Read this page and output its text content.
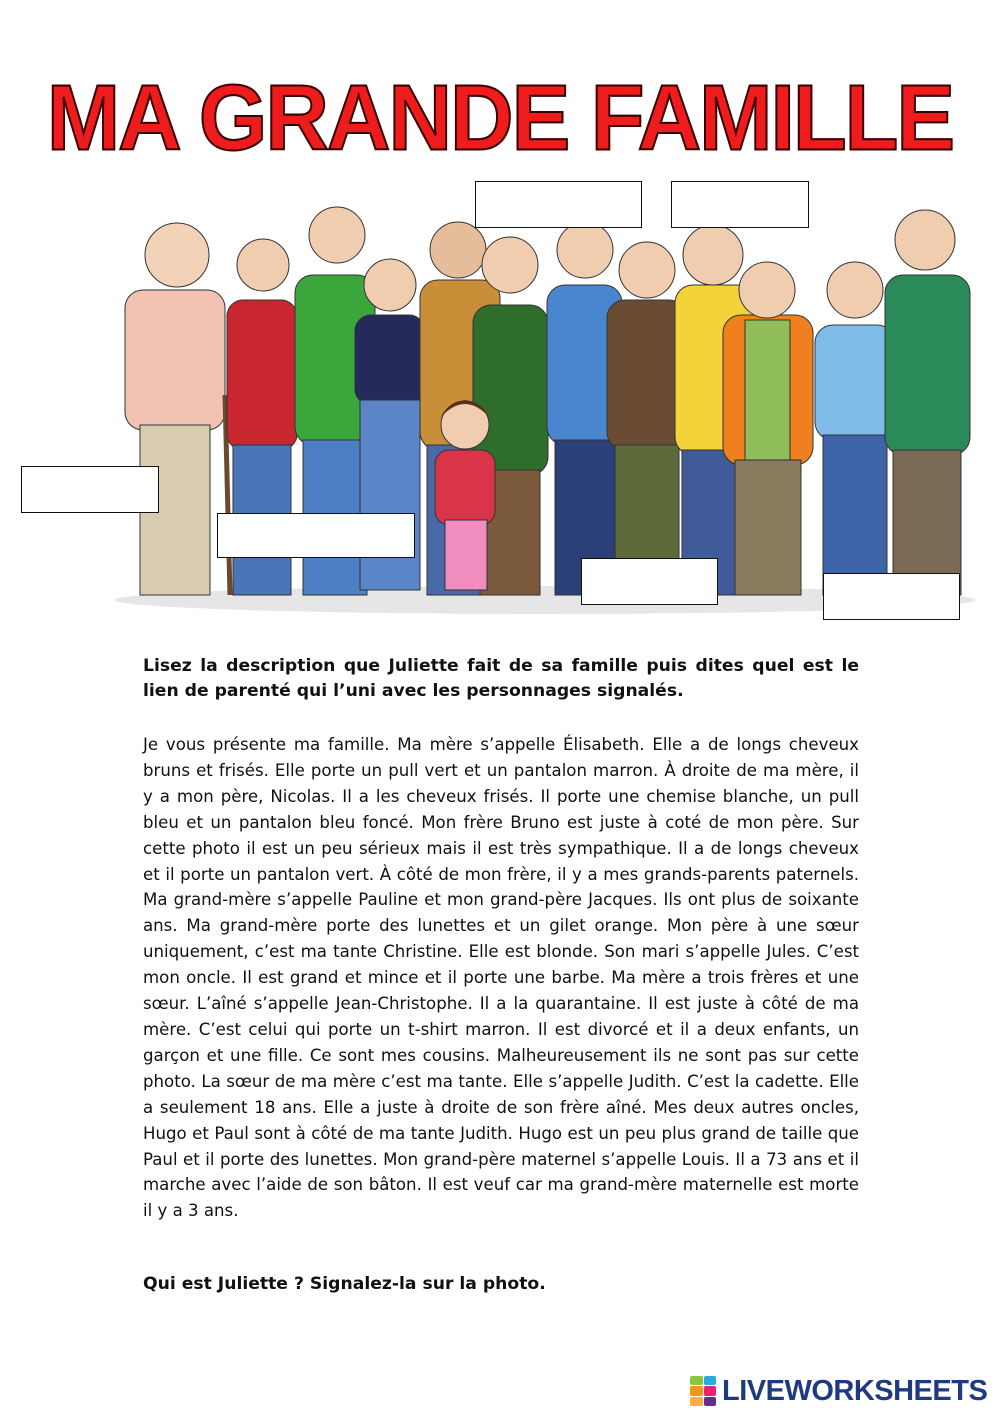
MA GRANDE FAMILLE

Lisez la description que Juliette fait de sa famille puis dites quel est le lien de parenté qui l’uni avec les personnages signalés.

Je vous présente ma famille. Ma mère s’appelle Élisabeth. Elle a de longs cheveux bruns et frisés. Elle porte un pull vert et un pantalon marron. À droite de ma mère, il y a mon père, Nicolas. Il a les cheveux frisés. Il porte une chemise blanche, un pull bleu et un pantalon bleu foncé. Mon frère Bruno est juste à coté de mon père. Sur cette photo il est un peu sérieux mais il est très sympathique. Il a de longs cheveux et il porte un pantalon vert. À côté de mon frère, il y a mes grands-parents paternels. Ma grand-mère s’appelle Pauline et mon grand-père Jacques. Ils ont plus de soixante ans. Ma grand-mère porte des lunettes et un gilet orange. Mon père à une sœur uniquement, c’est ma tante Christine. Elle est blonde. Son mari s’appelle Jules. C’est mon oncle. Il est grand et mince et il porte une barbe. Ma mère a trois frères et une sœur. L’aîné s’appelle Jean-Christophe. Il a la quarantaine. Il est juste à côté de ma mère. C’est celui qui porte un t-shirt marron. Il est divorcé et il a deux enfants, un garçon et une fille. Ce sont mes cousins. Malheureusement ils ne sont pas sur cette photo. La sœur de ma mère c’est ma tante. Elle s’appelle Judith. C’est la cadette. Elle a seulement 18 ans. Elle a juste à droite de son frère aîné. Mes deux autres oncles, Hugo et Paul sont à côté de ma tante Judith. Hugo est un peu plus grand de taille que Paul et il porte des lunettes. Mon grand-père maternel s’appelle Louis. Il a 73 ans et il marche avec l’aide de son bâton. Il est veuf car ma grand-mère maternelle est morte il y a 3 ans.

Qui est Juliette ? Signalez-la sur la photo.

LIVEWORKSHEETS
